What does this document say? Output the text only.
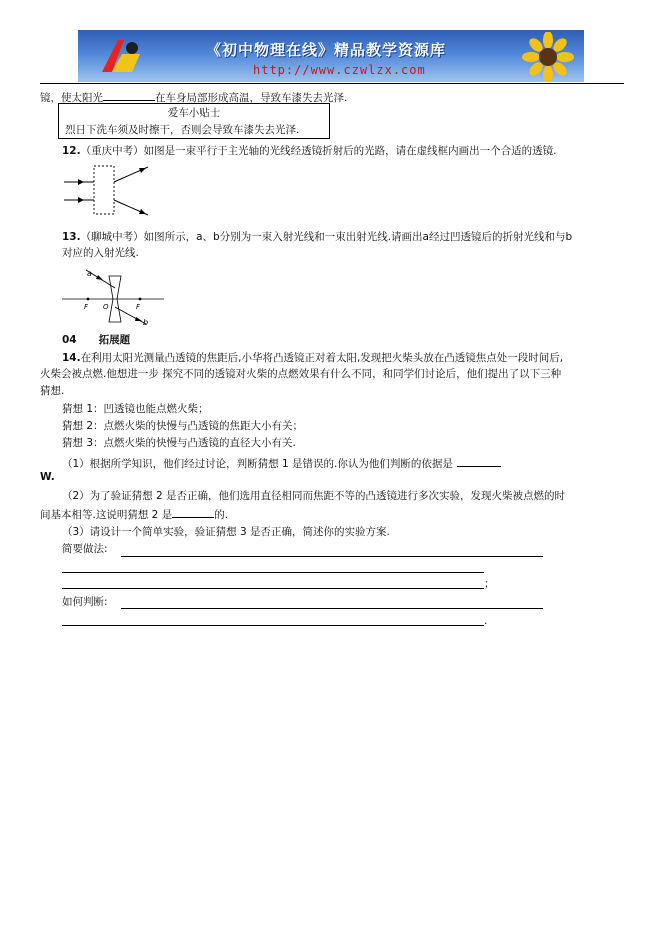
《初中物理在线》精品教学资源库
http://www.czwlzx.com
镜，使太阳光	在车身局部形成高温，导致车漆失去光泽.
爱车小贴士
烈日下洗车须及时擦干，否则会导致车漆失去光泽.
12.（重庆中考）如图是一束平行于主光轴的光线经透镜折射后的光路，请在虚线框内画出一个合适的透镜.
13.（聊城中考）如图所示，a、b分别为一束入射光线和一束出射光线.请画出a经过凹透镜后的折射光线和与b
对应的入射光线.
a
b
F O	F
04 拓展题
14.在利用太阳光测量凸透镜的焦距后,小华将凸透镜正对着太阳,发现把火柴头放在凸透镜焦点处一段时间后,
火柴会被点燃.他想进一步 探究不同的透镜对火柴的点燃效果有什么不同，和同学们讨论后，他们提出了以下三种
猜想.
猜想 1：凹透镜也能点燃火柴；
猜想 2：点燃火柴的快慢与凸透镜的焦距大小有关；
猜想 3：点燃火柴的快慢与凸透镜的直径大小有关.
（1）根据所学知识，他们经过讨论，判断猜想 1 是错误的.你认为他们判断的依据是
W.
（2）为了验证猜想 2 是否正确，他们选用直径相同而焦距不等的凸透镜进行多次实验，发现火柴被点燃的时
间基本相等.这说明猜想 2 是	的.
（3）请设计一个简单实验，验证猜想 3 是否正确，简述你的实验方案.
简要做法:
；
如何判断:
.
